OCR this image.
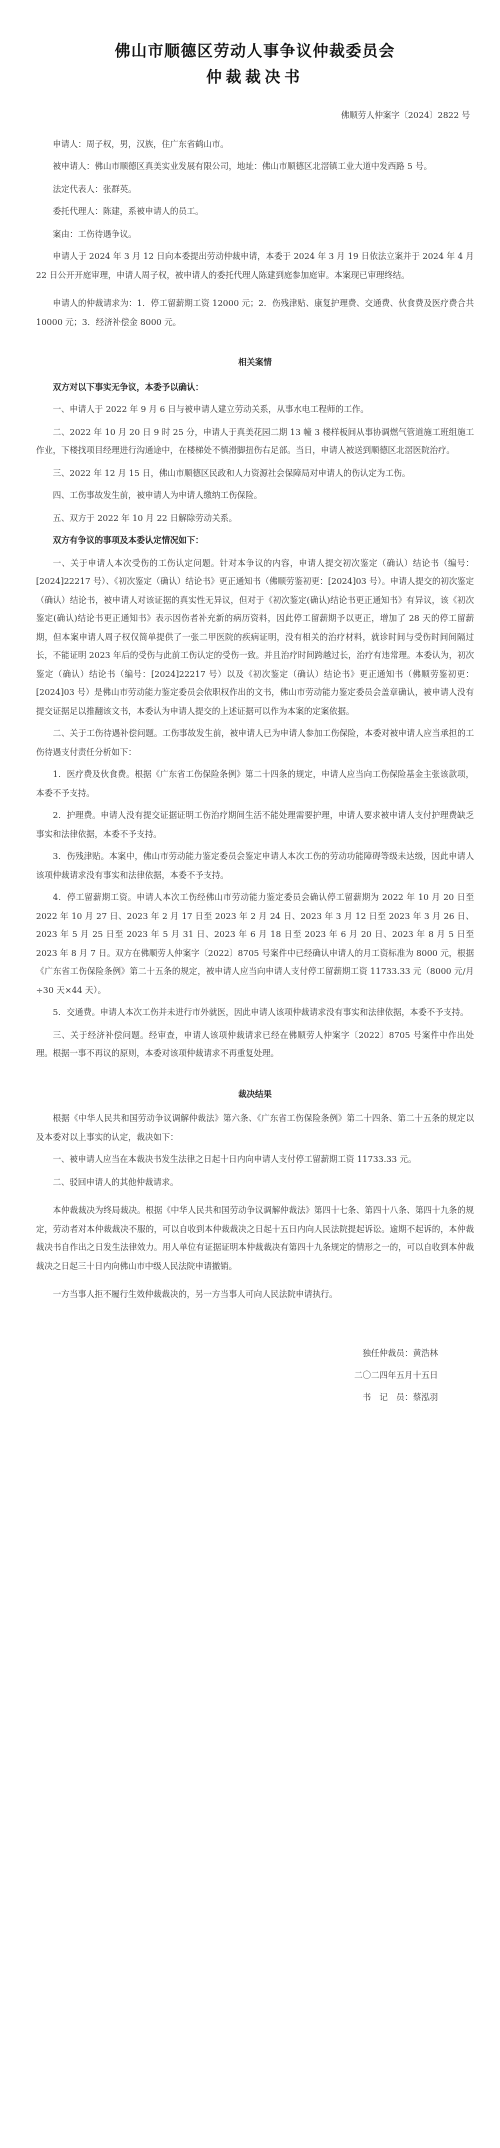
佛山市顺德区劳动人事争议仲裁委员会
仲裁裁决书
佛顺劳人仲案字〔2024〕2822 号

申请人：周子权，男，汉族，住广东省鹤山市。

被申请人：佛山市顺德区真美实业发展有限公司，地址：佛山市顺德区北滘镇工业大道中发西路 5 号。

法定代表人：张群英。

委托代理人：陈建，系被申请人的员工。

案由：工伤待遇争议。

申请人于 2024 年 3 月 12 日向本委提出劳动仲裁申请，本委于 2024 年 3 月 19 日依法立案并于 2024 年 4 月 22 日公开开庭审理，申请人周子权，被申请人的委托代理人陈建到庭参加庭审。本案现已审理终结。

申请人的仲裁请求为：1．停工留薪期工资 12000 元；2．伤残津贴、康复护理费、交通费、伙食费及医疗费合共 10000 元；3．经济补偿金 8000 元。

相关案情

双方对以下事实无争议，本委予以确认：

一、申请人于 2022 年 9 月 6 日与被申请人建立劳动关系，从事水电工程师的工作。

二、2022 年 10 月 20 日 9 时 25 分，申请人于真美花园二期 13 幢 3 楼样板间从事协调燃气管道施工班组施工作业，下楼找项目经理进行沟通途中，在楼梯处不慎滑脚扭伤右足部。当日，申请人被送到顺德区北滘医院治疗。

三、2022 年 12 月 15 日，佛山市顺德区民政和人力资源社会保障局对申请人的伤认定为工伤。

四、工伤事故发生前，被申请人为申请人缴纳工伤保险。

五、双方于 2022 年 10 月 22 日解除劳动关系。

双方有争议的事项及本委认定情况如下：

一、关于申请人本次受伤的工伤认定问题。针对本争议的内容，申请人提交初次鉴定（确认）结论书（编号：[2024]22217 号）、《初次鉴定（确认）结论书》更正通知书（佛顺劳鉴初更：[2024]03 号）。申请人提交的初次鉴定（确认）结论书，被申请人对该证据的真实性无异议，但对于《初次鉴定(确认)结论书更正通知书》有异议，该《初次鉴定(确认)结论书更正通知书》表示因伤者补充新的病历资料，因此停工留薪期予以更正，增加了 28 天的停工留薪期，但本案申请人周子权仅简单提供了一张二甲医院的疾病证明，没有相关的治疗材料，就诊时间与受伤时间间隔过长，不能证明 2023 年后的受伤与此前工伤认定的受伤一致。并且治疗时间跨越过长，治疗有违常理。本委认为，初次鉴定（确认）结论书（编号：[2024]22217 号）以及《初次鉴定（确认）结论书》更正通知书（佛顺劳鉴初更：[2024]03 号）是佛山市劳动能力鉴定委员会依职权作出的文书，佛山市劳动能力鉴定委员会盖章确认，被申请人没有提交证据足以推翻该文书，本委认为申请人提交的上述证据可以作为本案的定案依据。

二、关于工伤待遇补偿问题。工伤事故发生前，被申请人已为申请人参加工伤保险，本委对被申请人应当承担的工伤待遇支付责任分析如下：

1．医疗费及伙食费。根据《广东省工伤保险条例》第二十四条的规定，申请人应当向工伤保险基金主张该款项，本委不予支持。

2．护理费。申请人没有提交证据证明工伤治疗期间生活不能处理需要护理，申请人要求被申请人支付护理费缺乏事实和法律依据，本委不予支持。

3．伤残津贴。本案中，佛山市劳动能力鉴定委员会鉴定申请人本次工伤的劳动功能障碍等级未达级，因此申请人该项仲裁请求没有事实和法律依据，本委不予支持。

4．停工留薪期工资。申请人本次工伤经佛山市劳动能力鉴定委员会确认停工留薪期为 2022 年 10 月 20 日至 2022 年 10 月 27 日、2023 年 2 月 17 日至 2023 年 2 月 24 日、2023 年 3 月 12 日至 2023 年 3 月 26 日、2023 年 5 月 25 日至 2023 年 5 月 31 日、2023 年 6 月 18 日至 2023 年 6 月 20 日、2023 年 8 月 5 日至 2023 年 8 月 7 日。双方在佛顺劳人仲案字〔2022〕8705 号案件中已经确认申请人的月工资标准为 8000 元，根据《广东省工伤保险条例》第二十五条的规定，被申请人应当向申请人支付停工留薪期工资 11733.33 元（8000 元/月÷30 天×44 天）。

5．交通费。申请人本次工伤并未进行市外就医，因此申请人该项仲裁请求没有事实和法律依据，本委不予支持。

三、关于经济补偿问题。经审查，申请人该项仲裁请求已经在佛顺劳人仲案字〔2022〕8705 号案件中作出处理。根据一事不再议的原则，本委对该项仲裁请求不再重复处理。

裁决结果

根据《中华人民共和国劳动争议调解仲裁法》第六条、《广东省工伤保险条例》第二十四条、第二十五条的规定以及本委对以上事实的认定，裁决如下：

一、被申请人应当在本裁决书发生法律之日起十日内向申请人支付停工留薪期工资 11733.33 元。

二、驳回申请人的其他仲裁请求。

本仲裁裁决为终局裁决。根据《中华人民共和国劳动争议调解仲裁法》第四十七条、第四十八条、第四十九条的规定，劳动者对本仲裁裁决不服的，可以自收到本仲裁裁决之日起十五日内向人民法院提起诉讼。逾期不起诉的，本仲裁裁决书自作出之日发生法律效力。用人单位有证据证明本仲裁裁决有第四十九条规定的情形之一的，可以自收到本仲裁裁决之日起三十日内向佛山市中级人民法院申请撤销。

一方当事人拒不履行生效仲裁裁决的，另一方当事人可向人民法院申请执行。

独任仲裁员：黄浩林
二〇二四年五月十五日
书　记　员：蔡泓羽
